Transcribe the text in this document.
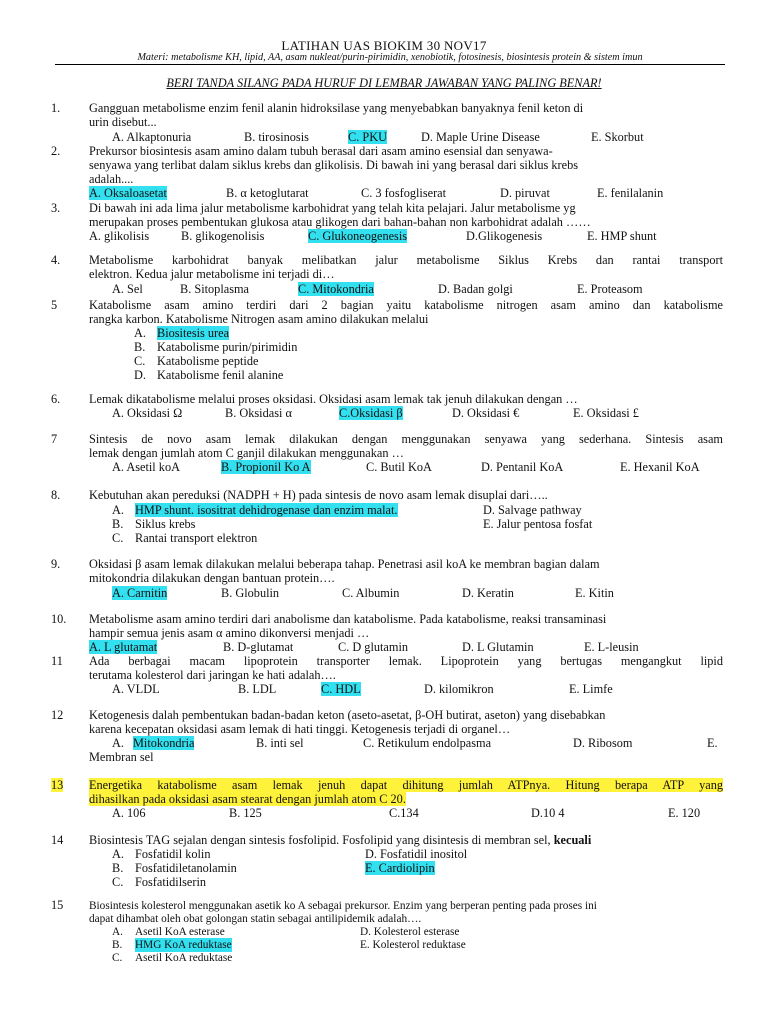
LATIHAN UAS BIOKIM 30 NOV17
Materi: metabolisme KH, lipid, AA, asam nukleat/purin-pirimidin, xenobiotik, fotosinesis, biosintesis protein & sistem imun
BERI TANDA SILANG PADA HURUF DI LEMBAR JAWABAN YANG PALING BENAR!
1. Gangguan metabolisme enzim fenil alanin hidroksilase yang menyebabkan banyaknya fenil keton di
urin disebut...
A. Alkaptonuria	B. tirosinosis	C. PKU	D. Maple Urine Disease	E. Skorbut
2. Prekursor biosintesis asam amino dalam tubuh berasal dari asam amino esensial dan senyawa-
senyawa yang terlibat dalam siklus krebs dan glikolisis. Di bawah ini yang berasal dari siklus krebs
adalah....
A. Oksaloasetat	B. α ketoglutarat	C. 3 fosfogliserat	D. piruvat	E. fenilalanin
3. Di bawah ini ada lima jalur metabolisme karbohidrat yang telah kita pelajari. Jalur metabolisme yg
merupakan proses pembentukan glukosa atau glikogen dari bahan-bahan non karbohidrat adalah ……
A. glikolisis	B. glikogenolisis	C. Glukoneogenesis	D.Glikogenesis	E. HMP shunt
4. Metabolisme karbohidrat banyak melibatkan jalur metabolisme Siklus Krebs dan rantai transport
elektron. Kedua jalur metabolisme ini terjadi di…
A. Sel	B. Sitoplasma	C. Mitokondria	D. Badan golgi	E. Proteasom
5	Katabolisme asam amino terdiri dari 2 bagian yaitu katabolisme nitrogen asam amino dan katabolisme
rangka karbon. Katabolisme Nitrogen asam amino dilakukan melalui
A. Biositesis urea
B. Katabolisme purin/pirimidin
C. Katabolisme peptide
D. Katabolisme fenil alanine
6. Lemak dikatabolisme melalui proses oksidasi. Oksidasi asam lemak tak jenuh dilakukan dengan …
A. Oksidasi Ω	B. Oksidasi α	C.Oksidasi β	D. Oksidasi €	E. Oksidasi £
7	Sintesis de novo asam lemak dilakukan dengan menggunakan senyawa yang sederhana. Sintesis asam
lemak dengan jumlah atom C ganjil dilakukan menggunakan …
A. Asetil koA	B. Propionil Ko A	C. Butil KoA	D. Pentanil KoA	E. Hexanil KoA
8. Kebutuhan akan pereduksi (NADPH + H) pada sintesis de novo asam lemak disuplai dari…..
A. HMP shunt. isositrat dehidrogenase dan enzim malat.	D. Salvage pathway
B. Siklus krebs	E. Jalur pentosa fosfat
C. Rantai transport elektron
9. Oksidasi β asam lemak dilakukan melalui beberapa tahap. Penetrasi asil koA ke membran bagian dalam
mitokondria dilakukan dengan bantuan protein….
A. Carnitin	B. Globulin	C. Albumin	D. Keratin	E. Kitin
10. Metabolisme asam amino terdiri dari anabolisme dan katabolisme. Pada katabolisme, reaksi transaminasi
hampir semua jenis asam α amino dikonversi menjadi …
A. L glutamat	B. D-glutamat	C. D glutamin	D. L Glutamin	E. L-leusin
11 Ada berbagai macam lipoprotein transporter lemak. Lipoprotein yang bertugas mengangkut lipid
terutama kolesterol dari jaringan ke hati adalah….
A. VLDL	B. LDL	C. HDL	D. kilomikron	E. Limfe
12 Ketogenesis dalah pembentukan badan-badan keton (aseto-asetat, β-OH butirat, aseton) yang disebabkan
karena kecepatan oksidasi asam lemak di hati tinggi. Ketogenesis terjadi di organel…
A. Mitokondria	B. inti sel	C. Retikulum endolpasma	D. Ribosom	E.
Membran sel
13 Energetika katabolisme asam lemak jenuh dapat dihitung jumlah ATPnya. Hitung berapa ATP yang
dihasilkan pada oksidasi asam stearat dengan jumlah atom C 20.
A. 106	B. 125	C.134	D.10 4	E. 120
14 Biosintesis TAG sejalan dengan sintesis fosfolipid. Fosfolipid yang disintesis di membran sel, kecuali
A. Fosfatidil kolin	D. Fosfatidil inositol
B. Fosfatidiletanolamin	E. Cardiolipin
C. Fosfatidilserin
15 Biosintesis kolesterol menggunakan asetik ko A sebagai prekursor. Enzim yang berperan penting pada proses ini
dapat dihambat oleh obat golongan statin sebagai antilipidemik adalah….
A. Asetil KoA esterase	D. Kolesterol esterase
B. HMG KoA reduktase	E. Kolesterol reduktase
C. Asetil KoA reduktase
